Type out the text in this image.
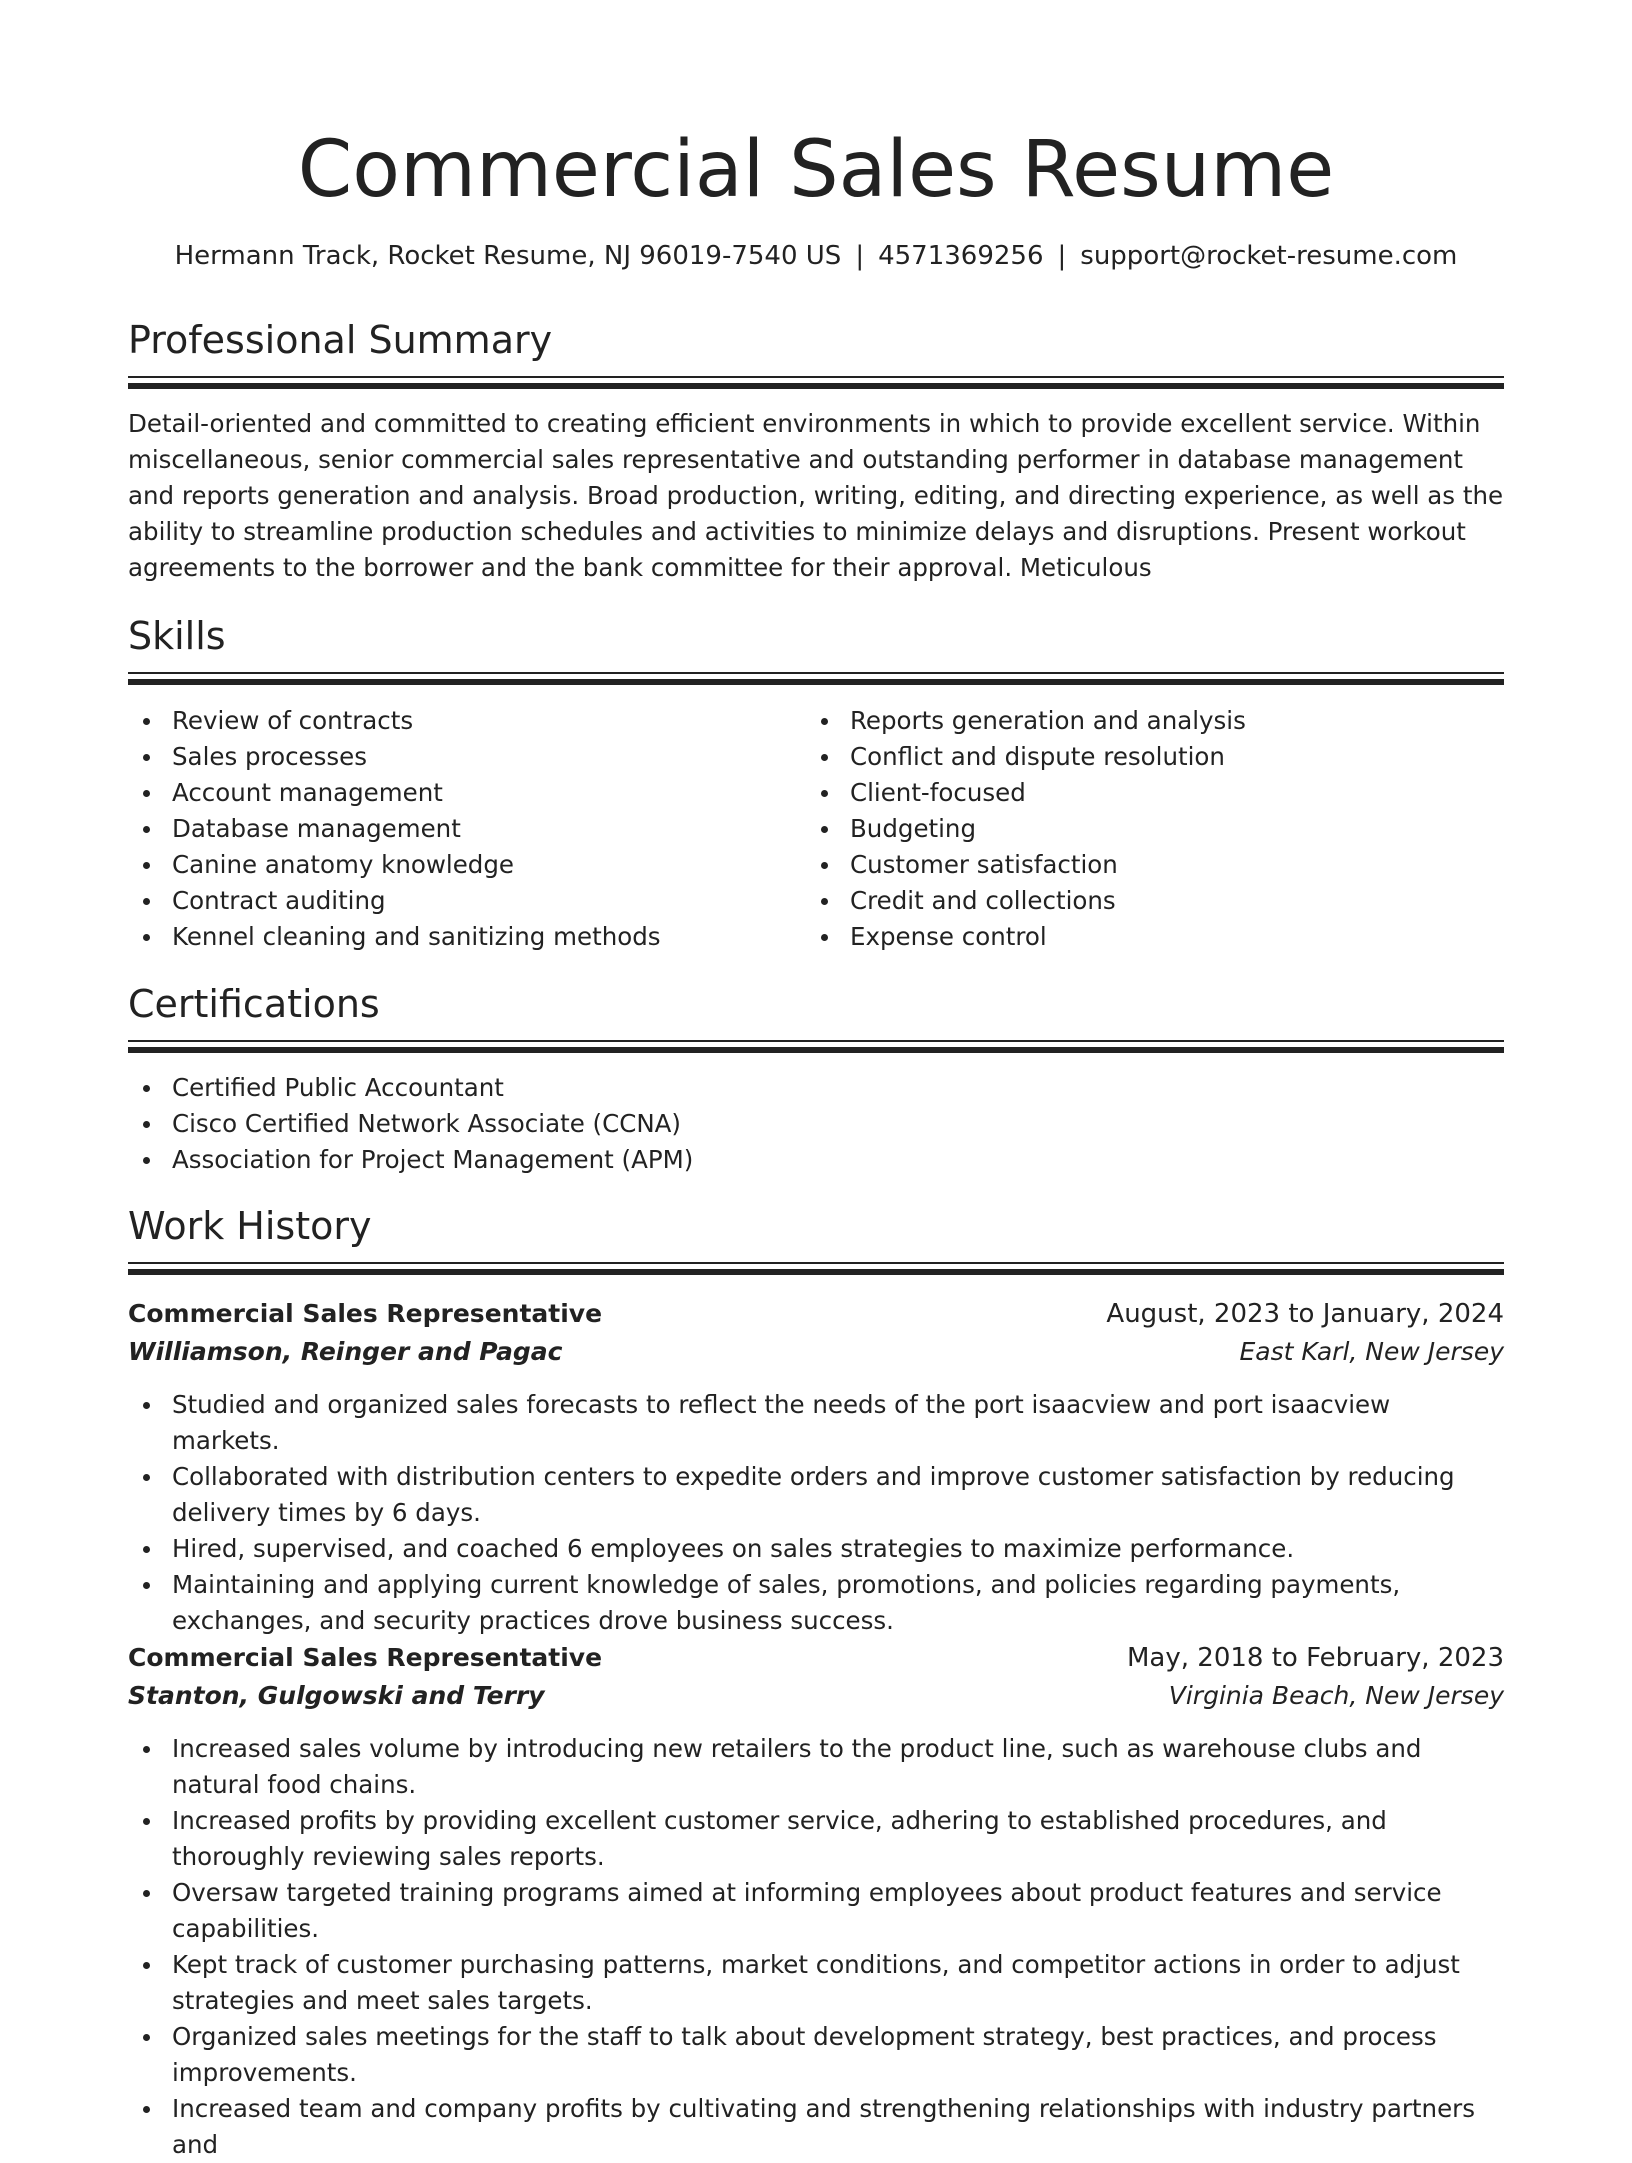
Commercial Sales Resume
Hermann Track, Rocket Resume, NJ 96019-7540 US | 4571369256 | support@rocket-resume.com
Professional Summary

Detail-oriented and committed to creating efficient environments in which to provide excellent service. Within miscellaneous, senior commercial sales representative and outstanding performer in database management and reports generation and analysis. Broad production, writing, editing, and directing experience, as well as the ability to streamline production schedules and activities to minimize delays and disruptions. Present workout agreements to the borrower and the bank committee for their approval. Meticulous

Skills
Review of contracts
Sales processes
Account management
Database management
Canine anatomy knowledge
Contract auditing
Kennel cleaning and sanitizing methods
Reports generation and analysis
Conflict and dispute resolution
Client-focused
Budgeting
Customer satisfaction
Credit and collections
Expense control
Certifications
Certified Public Accountant
Cisco Certified Network Associate (CCNA)
Association for Project Management (APM)
Work History
Commercial Sales Representative	August, 2023 to January, 2024
Williamson, Reinger and Pagac	East Karl, New Jersey
Studied and organized sales forecasts to reflect the needs of the port isaacview and port isaacview markets.
Collaborated with distribution centers to expedite orders and improve customer satisfaction by reducing delivery times by 6 days.
Hired, supervised, and coached 6 employees on sales strategies to maximize performance.
Maintaining and applying current knowledge of sales, promotions, and policies regarding payments, exchanges, and security practices drove business success.
Commercial Sales Representative	May, 2018 to February, 2023
Stanton, Gulgowski and Terry	Virginia Beach, New Jersey
Increased sales volume by introducing new retailers to the product line, such as warehouse clubs and natural food chains.
Increased profits by providing excellent customer service, adhering to established procedures, and thoroughly reviewing sales reports.
Oversaw targeted training programs aimed at informing employees about product features and service capabilities.
Kept track of customer purchasing patterns, market conditions, and competitor actions in order to adjust strategies and meet sales targets.
Organized sales meetings for the staff to talk about development strategy, best practices, and process improvements.
Increased team and company profits by cultivating and strengthening relationships with industry partners and
